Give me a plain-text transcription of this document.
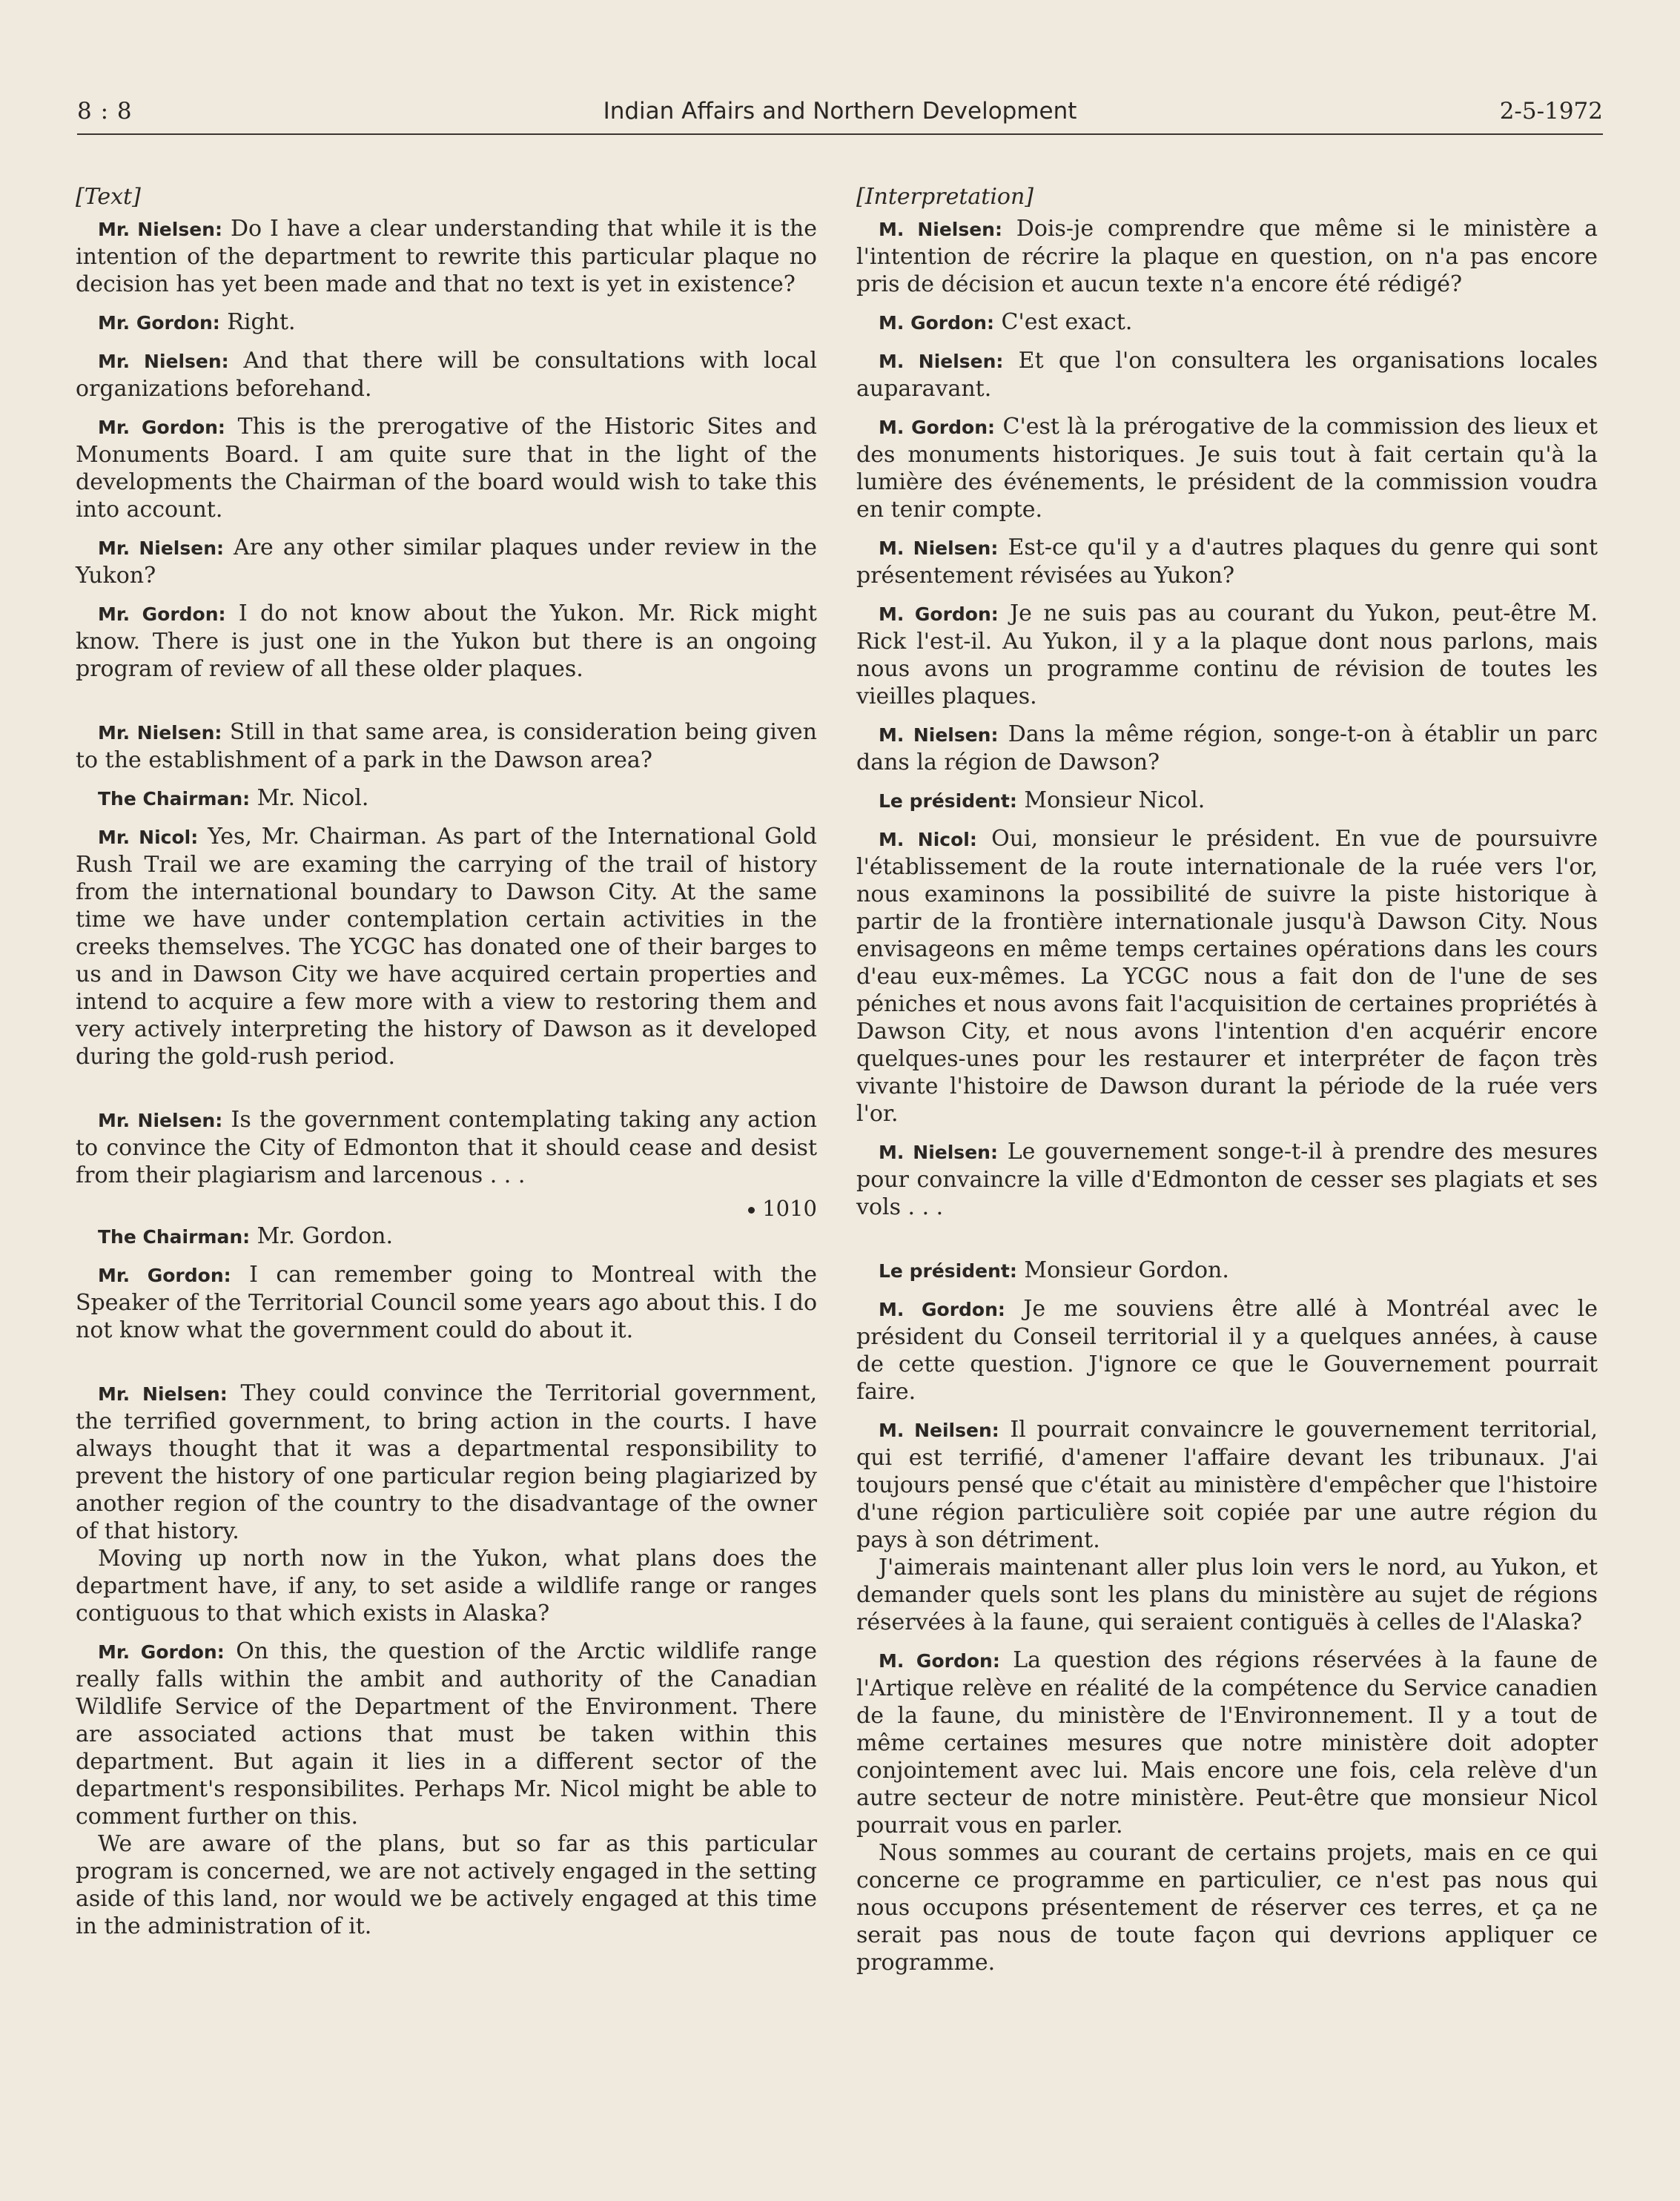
8 : 8	Indian Affairs and Northern Development	2-5-1972
[Text]

Mr. Nielsen: Do I have a clear understanding that while it is the intention of the department to rewrite this particular plaque no decision has yet been made and that no text is yet in existence?

Mr. Gordon: Right.

Mr. Nielsen: And that there will be consultations with local organizations beforehand.

Mr. Gordon: This is the prerogative of the Historic Sites and Monuments Board. I am quite sure that in the light of the developments the Chairman of the board would wish to take this into account.

Mr. Nielsen: Are any other similar plaques under review in the Yukon?

Mr. Gordon: I do not know about the Yukon. Mr. Rick might know. There is just one in the Yukon but there is an ongoing program of review of all these older plaques.

Mr. Nielsen: Still in that same area, is consideration being given to the establishment of a park in the Dawson area?

The Chairman: Mr. Nicol.

Mr. Nicol: Yes, Mr. Chairman. As part of the International Gold Rush Trail we are examing the carrying of the trail of history from the international boundary to Dawson City. At the same time we have under contemplation certain activities in the creeks themselves. The YCGC has donated one of their barges to us and in Dawson City we have acquired certain properties and intend to acquire a few more with a view to restoring them and very actively interpreting the history of Dawson as it developed during the gold-rush period.

Mr. Nielsen: Is the government contemplating taking any action to convince the City of Edmonton that it should cease and desist from their plagiarism and larcenous . . .

1010

The Chairman: Mr. Gordon.

Mr. Gordon: I can remember going to Montreal with the Speaker of the Territorial Council some years ago about this. I do not know what the government could do about it.

Mr. Nielsen: They could convince the Territorial government, the terrified government, to bring action in the courts. I have always thought that it was a departmental responsibility to prevent the history of one particular region being plagiarized by another region of the country to the disadvantage of the owner of that history.

Moving up north now in the Yukon, what plans does the department have, if any, to set aside a wildlife range or ranges contiguous to that which exists in Alaska?

Mr. Gordon: On this, the question of the Arctic wildlife range really falls within the ambit and authority of the Canadian Wildlife Service of the Department of the Environment. There are associated actions that must be taken within this department. But again it lies in a different sector of the department's responsibilites. Perhaps Mr. Nicol might be able to comment further on this.

We are aware of the plans, but so far as this particular program is concerned, we are not actively engaged in the setting aside of this land, nor would we be actively engaged at this time in the administration of it.

[Interpretation]

M. Nielsen: Dois-je comprendre que même si le ministère a l'intention de récrire la plaque en question, on n'a pas encore pris de décision et aucun texte n'a encore été rédigé?

M. Gordon: C'est exact.

M. Nielsen: Et que l'on consultera les organisations locales auparavant.

M. Gordon: C'est là la prérogative de la commission des lieux et des monuments historiques. Je suis tout à fait certain qu'à la lumière des événements, le président de la commission voudra en tenir compte.

M. Nielsen: Est-ce qu'il y a d'autres plaques du genre qui sont présentement révisées au Yukon?

M. Gordon: Je ne suis pas au courant du Yukon, peut-être M. Rick l'est-il. Au Yukon, il y a la plaque dont nous parlons, mais nous avons un programme continu de révision de toutes les vieilles plaques.

M. Nielsen: Dans la même région, songe-t-on à établir un parc dans la région de Dawson?

Le président: Monsieur Nicol.

M. Nicol: Oui, monsieur le président. En vue de poursuivre l'établissement de la route internationale de la ruée vers l'or, nous examinons la possibilité de suivre la piste historique à partir de la frontière internationale jusqu'à Dawson City. Nous envisageons en même temps certaines opérations dans les cours d'eau eux-mêmes. La YCGC nous a fait don de l'une de ses péniches et nous avons fait l'acquisition de certaines propriétés à Dawson City, et nous avons l'intention d'en acquérir encore quelques-unes pour les restaurer et interpréter de façon très vivante l'histoire de Dawson durant la période de la ruée vers l'or.

M. Nielsen: Le gouvernement songe-t-il à prendre des mesures pour convaincre la ville d'Edmonton de cesser ses plagiats et ses vols . . .

Le président: Monsieur Gordon.

M. Gordon: Je me souviens être allé à Montréal avec le président du Conseil territorial il y a quelques années, à cause de cette question. J'ignore ce que le Gouvernement pourrait faire.

M. Neilsen: Il pourrait convaincre le gouvernement territorial, qui est terrifié, d'amener l'affaire devant les tribunaux. J'ai toujours pensé que c'était au ministère d'empêcher que l'histoire d'une région particulière soit copiée par une autre région du pays à son détriment.

J'aimerais maintenant aller plus loin vers le nord, au Yukon, et demander quels sont les plans du ministère au sujet de régions réservées à la faune, qui seraient contiguës à celles de l'Alaska?

M. Gordon: La question des régions réservées à la faune de l'Artique relève en réalité de la compétence du Service canadien de la faune, du ministère de l'Environnement. Il y a tout de même certaines mesures que notre ministère doit adopter conjointement avec lui. Mais encore une fois, cela relève d'un autre secteur de notre ministère. Peut-être que monsieur Nicol pourrait vous en parler.

Nous sommes au courant de certains projets, mais en ce qui concerne ce programme en particulier, ce n'est pas nous qui nous occupons présentement de réserver ces terres, et ça ne serait pas nous de toute façon qui devrions appliquer ce programme.
